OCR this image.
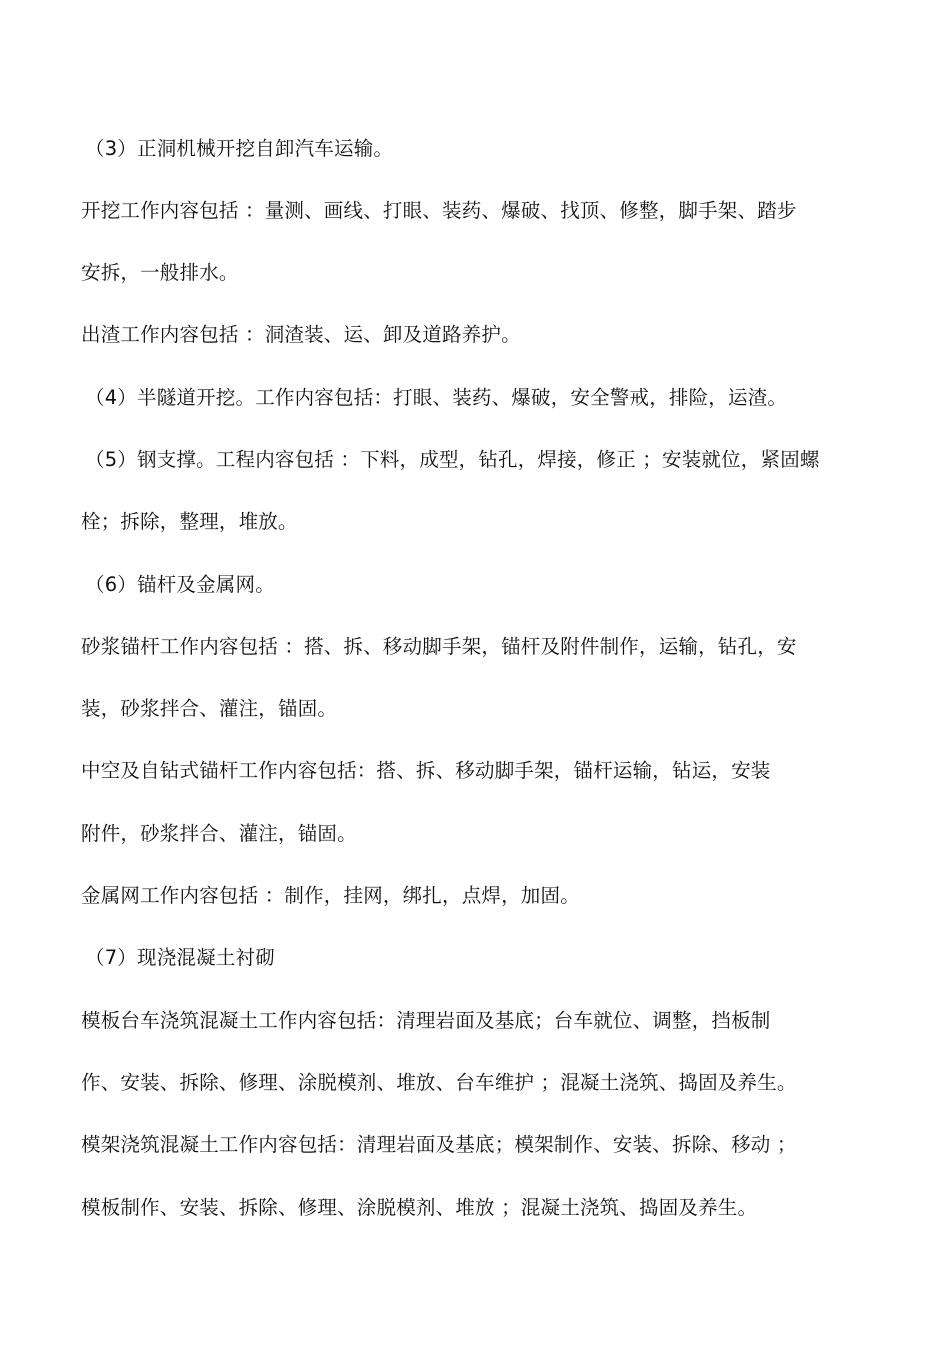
（3）正洞机械开挖自卸汽车运输。
开挖工作内容包括 ：量测、画线、打眼、装药、爆破、找顶、修整，脚手架、踏步
安拆，一般排水。
出渣工作内容包括 ：洞渣装、运、卸及道路养护。
（4）半隧道开挖。工作内容包括：打眼、装药、爆破，安全警戒，排险，运渣。
（5）钢支撑。工程内容包括 ：下料，成型，钻孔，焊接，修正 ；安装就位，紧固螺
栓；拆除，整理，堆放。
（6）锚杆及金属网。
砂浆锚杆工作内容包括 ：搭、拆、移动脚手架，锚杆及附件制作，运输，钻孔，安
装，砂浆拌合、灌注，锚固。
中空及自钻式锚杆工作内容包括：搭、拆、移动脚手架，锚杆运输，钻运，安装
附件，砂浆拌合、灌注，锚固。
金属网工作内容包括 ：制作，挂网，绑扎，点焊，加固。
（7）现浇混凝土衬砌
模板台车浇筑混凝土工作内容包括：清理岩面及基底；台车就位、调整，挡板制
作、安装、拆除、修理、涂脱模剂、堆放、台车维护 ；混凝土浇筑、捣固及养生。
模架浇筑混凝土工作内容包括：清理岩面及基底；模架制作、安装、拆除、移动 ；
模板制作、安装、拆除、修理、涂脱模剂、堆放 ；混凝土浇筑、捣固及养生。
